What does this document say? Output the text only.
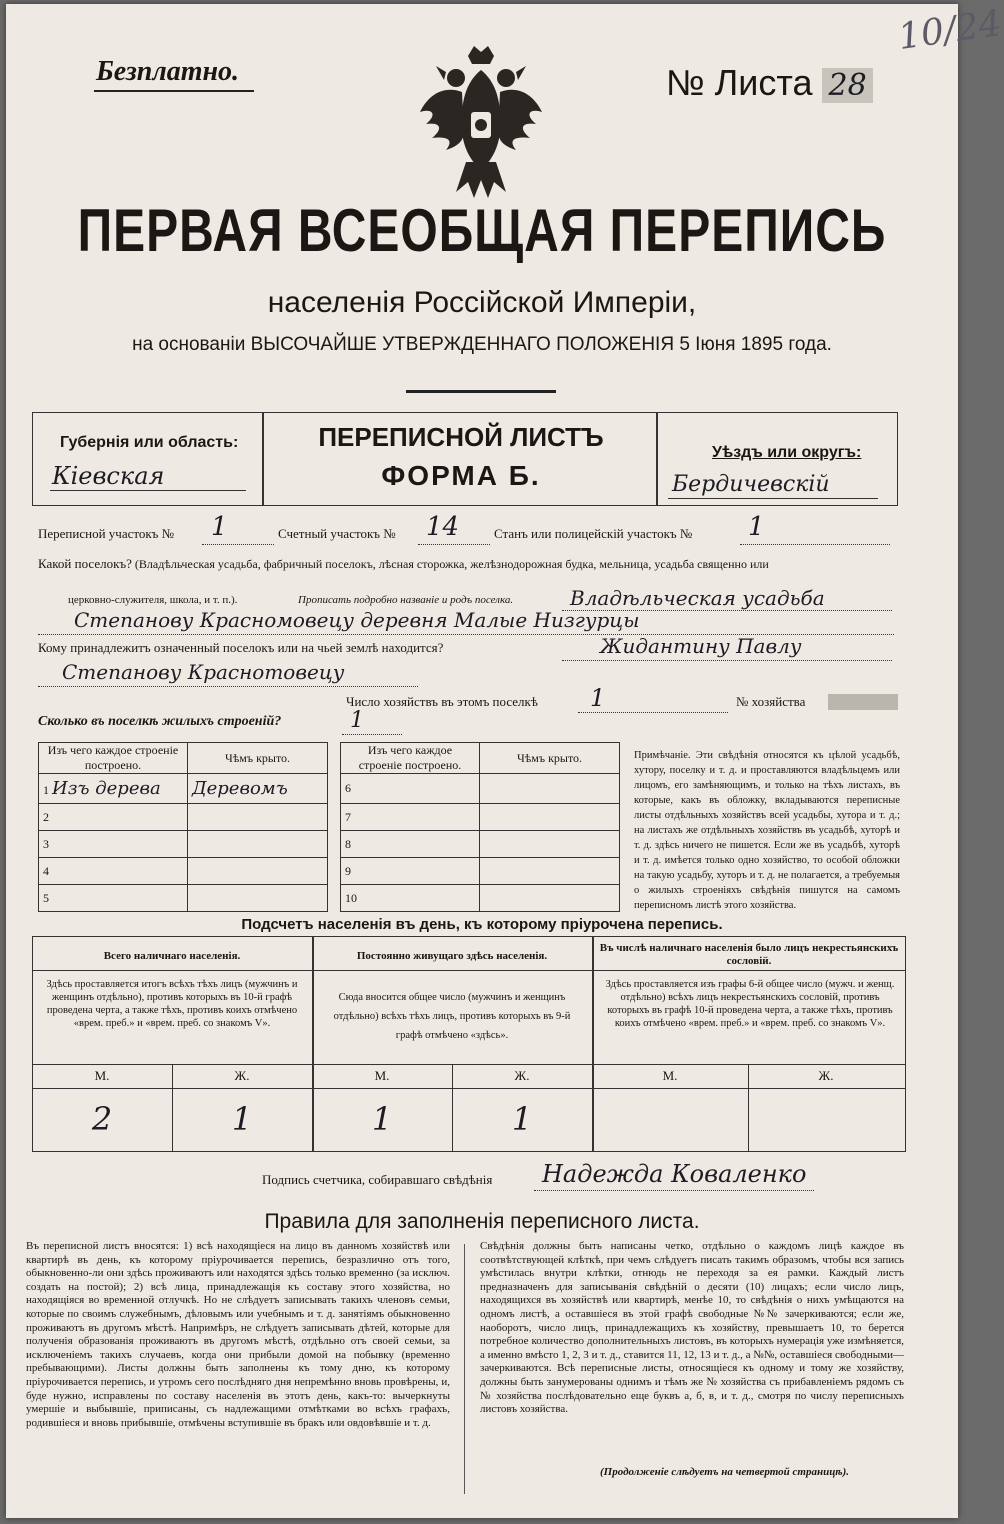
10/24
Безплатно.	№ Листа 28
ПЕРВАЯ ВСЕОБЩАЯ ПЕРЕПИСЬ
населенія Россійской Имперіи,
на основаніи ВЫСОЧАЙШЕ УТВЕРЖДЕННАГО ПОЛОЖЕНІЯ 5 Іюня 1895 года.
Губернія или область:
Кіевская
ПЕРЕПИСНОЙ ЛИСТЪ
ФОРМА Б.
Уѣздъ или округъ:
Бердичевскій
Переписной участокъ № 1	Счетный участокъ № 14	Станъ или полицейскій участокъ № 1
Какой поселокъ? (Владѣльческая усадьба, фабричный поселокъ, лѣсная сторожка, желѣзнодорожная будка, мельница, усадьба священно или
церковно-служителя, школа, и т. п.).	Прописать подробно названіе и родъ поселка.	Владѣльческая усадьба
Степанову Красномовецу деревня Малые Низгурцы
Кому принадлежитъ означенный поселокъ или на чьей землѣ находится?	Жидантину Павлу
Степанову Краснотовецу
Число хозяйствъ въ этомъ поселкѣ 1	№ хозяйства
Сколько въ поселкѣ жилыхъ строеній?	1
Изъ чего каждое строеніе построено.	Чѣмъ крыто.
1 Изъ дерева	Деревомъ
2	
3	
4	
5	
Изъ чего каждое строеніе построено.	Чѣмъ крыто.
6	
7	
8	
9	
10	
Примѣчаніе. Эти свѣдѣнія относятся къ цѣлой усадьбѣ, хутору, поселку и т. д. и проставляются владѣльцемъ или лицомъ, его замѣняющимъ, и только на тѣхъ листахъ, въ которые, какъ въ обложку, вкладываются переписные листы отдѣльныхъ хозяйствъ всей усадьбы, хутора и т. д.; на листахъ же отдѣльныхъ хозяйствъ въ усадьбѣ, хуторѣ и т. д. здѣсь ничего не пишется. Если же въ усадьбѣ, хуторѣ и т. д. имѣется только одно хозяйство, то особой обложки на такую усадьбу, хуторъ и т. д. не полагается, а требуемыя о жилыхъ строеніяхъ свѣдѣнія пишутся на самомъ переписномъ листѣ этого хозяйства.
Подсчетъ населенія въ день, къ которому пріурочена перепись.
Всего наличнаго населенія.
Здѣсь проставляется итогъ всѣхъ тѣхъ лицъ (мужчинъ и женщинъ отдѣльно), противъ которыхъ въ 10-й графѣ проведена черта, а также тѣхъ, противъ коихъ отмѣчено «врем. преб.» и «врем. преб. со знакомъ V».
Постоянно живущаго здѣсь населенія.
Сюда вносится общее число (мужчинъ и женщинъ отдѣльно) всѣхъ тѣхъ лицъ, противъ которыхъ въ 9-й графѣ отмѣчено «здѣсь».
Въ числѣ наличнаго населенія было лицъ некрестьянскихъ сословій.
Здѣсь проставляется изъ графы 6-й общее число (мужч. и женщ. отдѣльно) всѣхъ лицъ некрестьянскихъ сословій, противъ которыхъ въ графѣ 10-й проведена черта, а также тѣхъ, противъ коихъ отмѣчено «врем. преб.» и «врем. преб. со знакомъ V».
М.	Ж.	М.	Ж.	М.	Ж.
2	1	1	1
Подпись счетчика, собиравшаго свѣдѣнія Надежда Коваленко
Правила для заполненія переписного листа.
Въ переписной листъ вносятся: 1) всѣ находящіеся на лицо въ данномъ хозяйствѣ или квартирѣ въ день, къ которому пріурочивается перепись, безразлично отъ того, обыкновенно-ли они здѣсь проживаютъ или находятся здѣсь только временно (за исключ. создать на постой); 2) всѣ лица, принадлежащія къ составу этого хозяйства, но находящіяся во временной отлучкѣ. Но не слѣдуетъ записывать такихъ членовъ семьи, которые по своимъ служебнымъ, дѣловымъ или учебнымъ и т. д. занятіямъ обыкновенно проживаютъ въ другомъ мѣстѣ. Напримѣръ, не слѣдуетъ записывать дѣтей, которые для полученія образованія проживаютъ въ другомъ мѣстѣ, отдѣльно отъ своей семьи, за исключеніемъ такихъ случаевъ, когда они прибыли домой на побывку (временно пребывающими). Листы должны быть заполнены къ тому дню, къ которому пріурочивается перепись, и утромъ сего послѣдняго дня непремѣнно вновь провѣрены, и, буде нужно, исправлены по составу населенія въ этотъ день, какъ-то: вычеркнуты умершіе и выбывшіе, приписаны, съ надлежащими отмѣтками во всѣхъ графахъ, родившіеся и вновь прибывшіе, отмѣчены вступившіе въ бракъ или овдовѣвшіе и т. д.
Свѣдѣнія должны быть написаны четко, отдѣльно о каждомъ лицѣ каждое въ соотвѣтствующей клѣткѣ, при чемъ слѣдуетъ писать такимъ образомъ, чтобы вся запись умѣстилась внутри клѣтки, отнюдь не переходя за ея рамки. Каждый листъ предназначенъ для записыванія свѣдѣній о десяти (10) лицахъ; если число лицъ, находящихся въ хозяйствѣ или квартирѣ, менѣе 10, то свѣдѣнія о нихъ умѣщаются на одномъ листѣ, а оставшіеся въ этой графѣ свободные №№ зачеркиваются; если же, наоборотъ, число лицъ, принадлежащихъ къ хозяйству, превышаетъ 10, то берется потребное количество дополнительныхъ листовъ, въ которыхъ нумерація уже измѣняется, а именно вмѣсто 1, 2, 3 и т. д., ставится 11, 12, 13 и т. д., а №№, оставшіеся свободными—зачеркиваются. Всѣ переписные листы, относящіеся къ одному и тому же хозяйству, должны быть занумерованы однимъ и тѣмъ же № хозяйства съ прибавленіемъ рядомъ съ № хозяйства послѣдовательно еще буквъ а, б, в, и т. д., смотря по числу переписныхъ листовъ хозяйства.
(Продолженіе слѣдуетъ на четвертой страницѣ).
